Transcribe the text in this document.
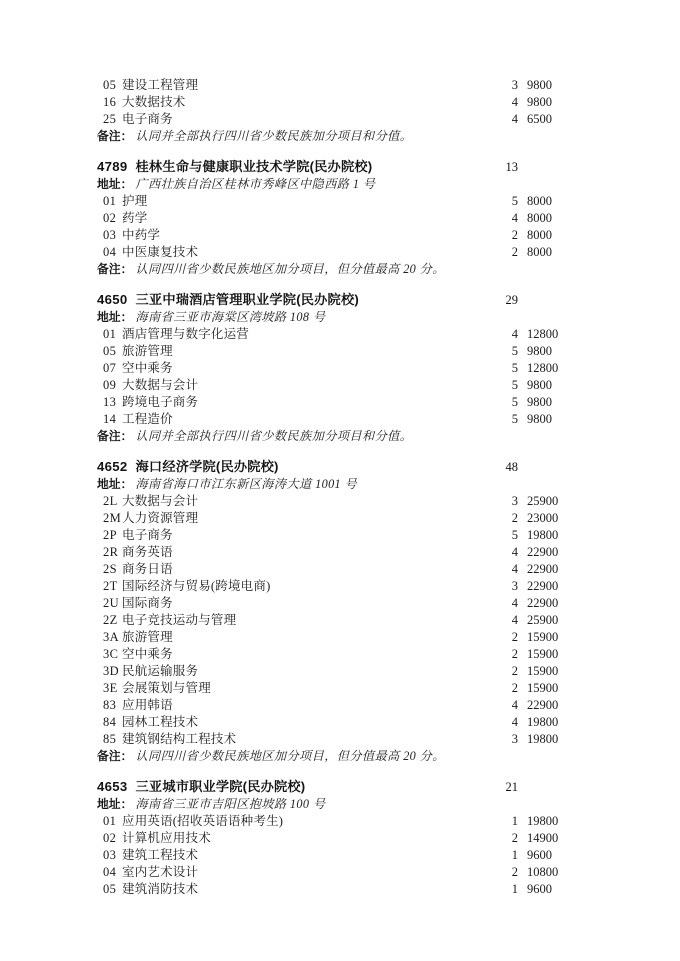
05 建设工程管理	3 9800
16 大数据技术	4 9800
25 电子商务	4 6500
备注： 认同并全部执行四川省少数民族加分项目和分值。
4789 桂林生命与健康职业技术学院(民办院校)	13
地址： 广西壮族自治区桂林市秀峰区中隐西路 1 号
01 护理	5 8000
02 药学	4 8000
03 中药学	2 8000
04 中医康复技术	2 8000
备注： 认同四川省少数民族地区加分项目，但分值最高 20 分。
4650 三亚中瑞酒店管理职业学院(民办院校)	29
地址： 海南省三亚市海棠区湾坡路 108 号
01 酒店管理与数字化运营	4 12800
05 旅游管理	5 9800
07 空中乘务	5 12800
09 大数据与会计	5 9800
13 跨境电子商务	5 9800
14 工程造价	5 9800
备注： 认同并全部执行四川省少数民族加分项目和分值。
4652 海口经济学院(民办院校)	48
地址： 海南省海口市江东新区海涛大道 1001 号
2L 大数据与会计	3 25900
2M 人力资源管理	2 23000
2P 电子商务	5 19800
2R 商务英语	4 22900
2S 商务日语	4 22900
2T 国际经济与贸易(跨境电商)	3 22900
2U 国际商务	4 22900
2Z 电子竞技运动与管理	4 25900
3A 旅游管理	2 15900
3C 空中乘务	2 15900
3D 民航运输服务	2 15900
3E 会展策划与管理	2 15900
83 应用韩语	4 22900
84 园林工程技术	4 19800
85 建筑钢结构工程技术	3 19800
备注： 认同四川省少数民族地区加分项目，但分值最高 20 分。
4653 三亚城市职业学院(民办院校)	21
地址： 海南省三亚市吉阳区抱坡路 100 号
01 应用英语(招收英语语种考生)	1 19800
02 计算机应用技术	2 14900
03 建筑工程技术	1 9600
04 室内艺术设计	2 10800
05 建筑消防技术	1 9600
